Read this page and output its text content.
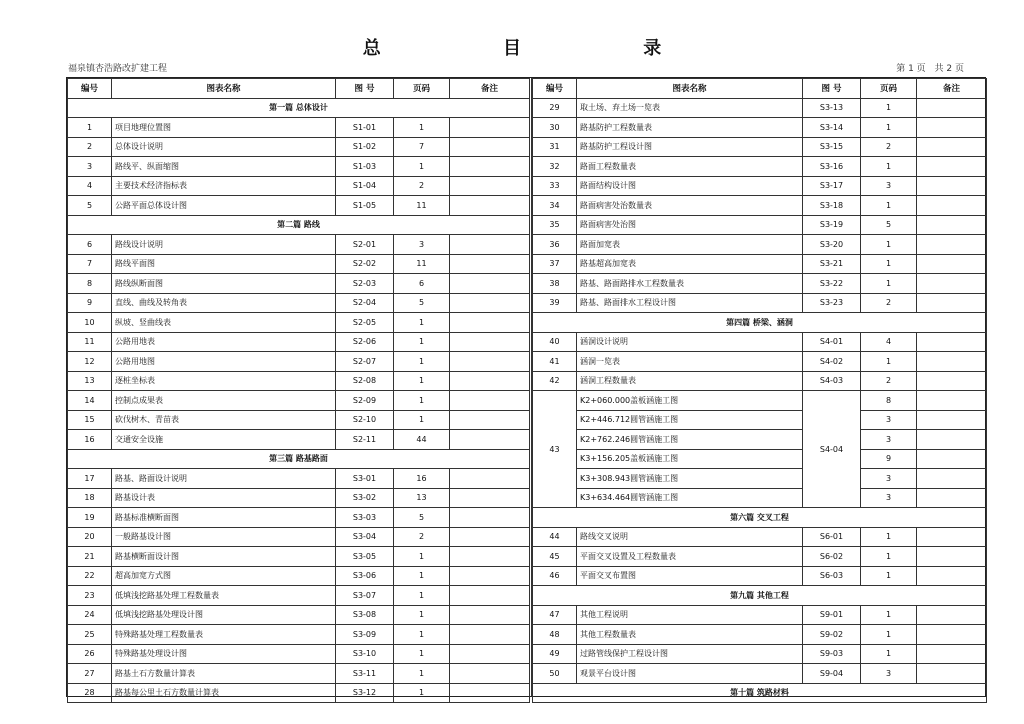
总 目 录
福泉镇杏浩路改扩建工程	第 1 页 共 2 页
编号	图表名称	图 号	页码	备注
第一篇 总体设计				
1	项目地理位置图	S1-01	1	
2	总体设计说明	S1-02	7	
3	路线平、纵面缩图	S1-03	1	
4	主要技术经济指标表	S1-04	2	
5	公路平面总体设计图	S1-05	11	
第二篇 路线				
6	路线设计说明	S2-01	3	
7	路线平面图	S2-02	11	
8	路线纵断面图	S2-03	6	
9	直线、曲线及转角表	S2-04	5	
10	纵坡、竖曲线表	S2-05	1	
11	公路用地表	S2-06	1	
12	公路用地图	S2-07	1	
13	逐桩坐标表	S2-08	1	
14	控制点成果表	S2-09	1	
15	砍伐树木、青苗表	S2-10	1	
16	交通安全设施	S2-11	44	
第三篇 路基路面				
17	路基、路面设计说明	S3-01	16	
18	路基设计表	S3-02	13	
19	路基标准横断面图	S3-03	5	
20	一般路基设计图	S3-04	2	
21	路基横断面设计图	S3-05	1	
22	超高加宽方式图	S3-06	1	
23	低填浅挖路基处理工程数量表	S3-07	1	
24	低填浅挖路基处理设计图	S3-08	1	
25	特殊路基处理工程数量表	S3-09	1	
26	特殊路基处理设计图	S3-10	1	
27	路基土石方数量计算表	S3-11	1	
28	路基每公里土石方数量计算表	S3-12	1	
编号	图表名称	图 号	页码	备注
29	取土场、弃土场一览表	S3-13	1	
30	路基防护工程数量表	S3-14	1	
31	路基防护工程设计图	S3-15	2	
32	路面工程数量表	S3-16	1	
33	路面结构设计图	S3-17	3	
34	路面病害处治数量表	S3-18	1	
35	路面病害处治图	S3-19	5	
36	路面加宽表	S3-20	1	
37	路基超高加宽表	S3-21	1	
38	路基、路面路排水工程数量表	S3-22	1	
39	路基、路面排水工程设计图	S3-23	2	
第四篇 桥梁、涵洞				
40	涵洞设计说明	S4-01	4	
41	涵洞一览表	S4-02	1	
42	涵洞工程数量表	S4-03	2	
43	K2+060.000盖板涵施工图	S4-04	8	
	K2+446.712圆管涵施工图		3	
	K2+762.246圆管涵施工图		3	
	K3+156.205盖板涵施工图		9	
	K3+308.943圆管涵施工图		3	
	K3+634.464圆管涵施工图		3	
第六篇 交叉工程				
44	路线交叉说明	S6-01	1	
45	平面交叉设置及工程数量表	S6-02	1	
46	平面交叉布置图	S6-03	1	
第九篇 其他工程				
47	其他工程说明	S9-01	1	
48	其他工程数量表	S9-02	1	
49	过路管线保护工程设计图	S9-03	1	
50	观景平台设计图	S9-04	3	
第十篇 筑路材料				
